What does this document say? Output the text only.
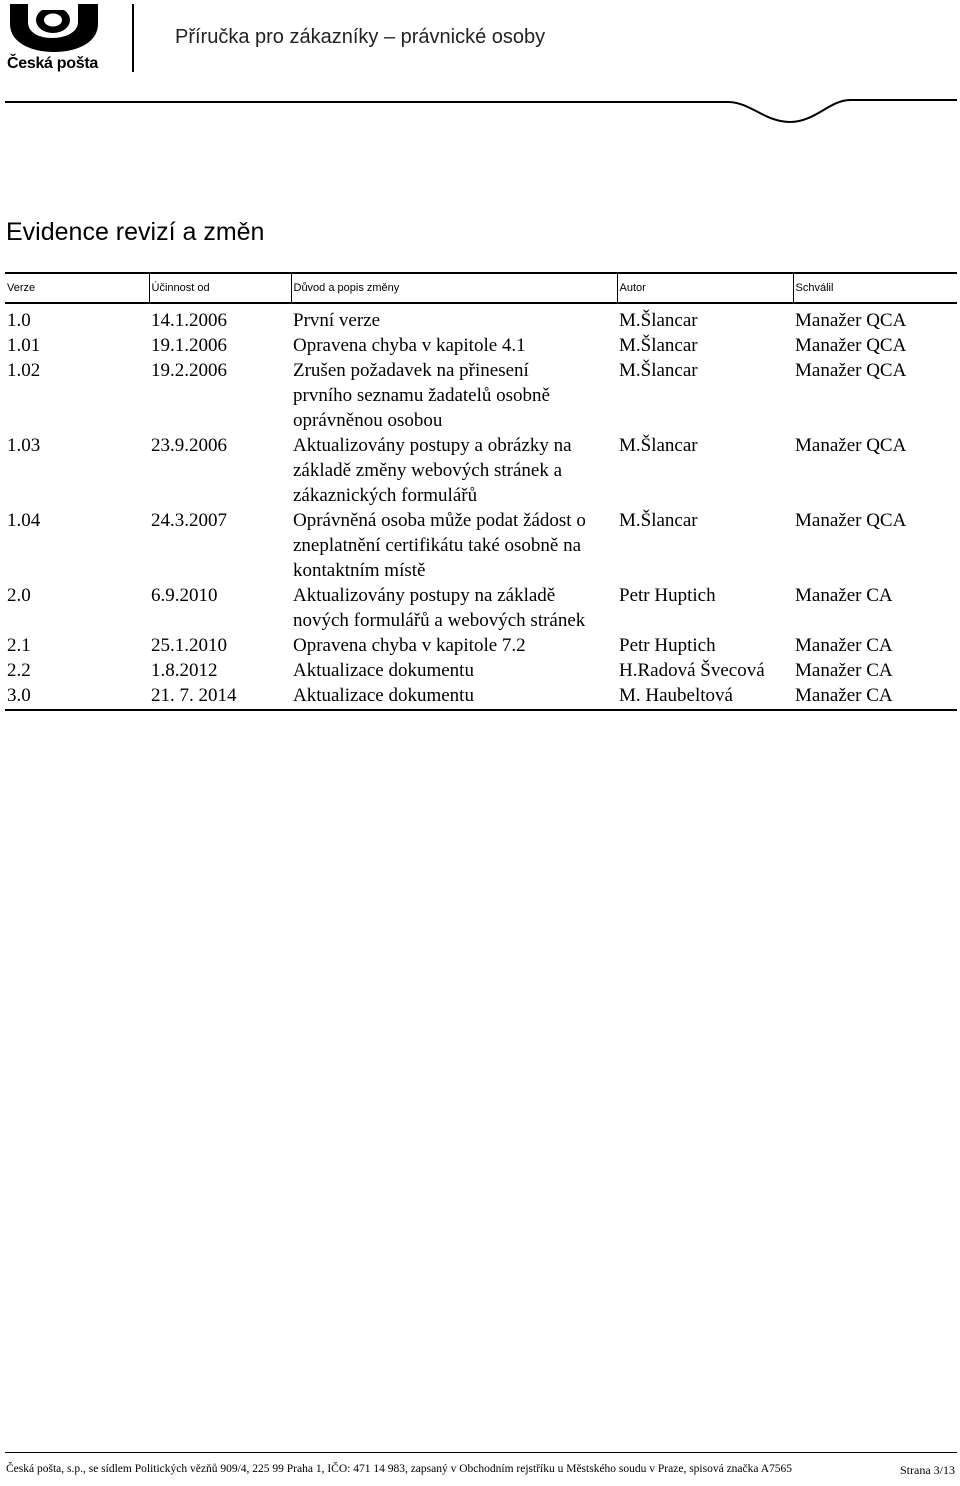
Česká pošta
Příručka pro zákazníky – právnické osoby
Evidence revizí a změn
Verze	Účinnost od	Důvod a popis změny	Autor	Schválil
1.0	14.1.2006	První verze	M.Šlancar	Manažer QCA
1.01	19.1.2006	Opravena chyba v kapitole 4.1	M.Šlancar	Manažer QCA
1.02	19.2.2006	Zrušen požadavek na přinesení prvního seznamu žadatelů osobně oprávněnou osobou	M.Šlancar	Manažer QCA
1.03	23.9.2006	Aktualizovány postupy a obrázky na základě změny webových stránek a zákaznických formulářů	M.Šlancar	Manažer QCA
1.04	24.3.2007	Oprávněná osoba může podat žádost o zneplatnění certifikátu také osobně na kontaktním místě	M.Šlancar	Manažer QCA
2.0	6.9.2010	Aktualizovány postupy na základě nových formulářů a webových stránek	Petr Huptich	Manažer CA
2.1	25.1.2010	Opravena chyba v kapitole 7.2	Petr Huptich	Manažer CA
2.2	1.8.2012	Aktualizace dokumentu	H.Radová Švecová	Manažer CA
3.0	21. 7. 2014	Aktualizace dokumentu	M. Haubeltová	Manažer CA
Česká pošta, s.p., se sídlem Politických vězňů 909/4, 225 99 Praha 1, IČO: 471 14 983, zapsaný v Obchodním rejstříku u Městského soudu v Praze, spisová značka A7565	Strana 3/13
